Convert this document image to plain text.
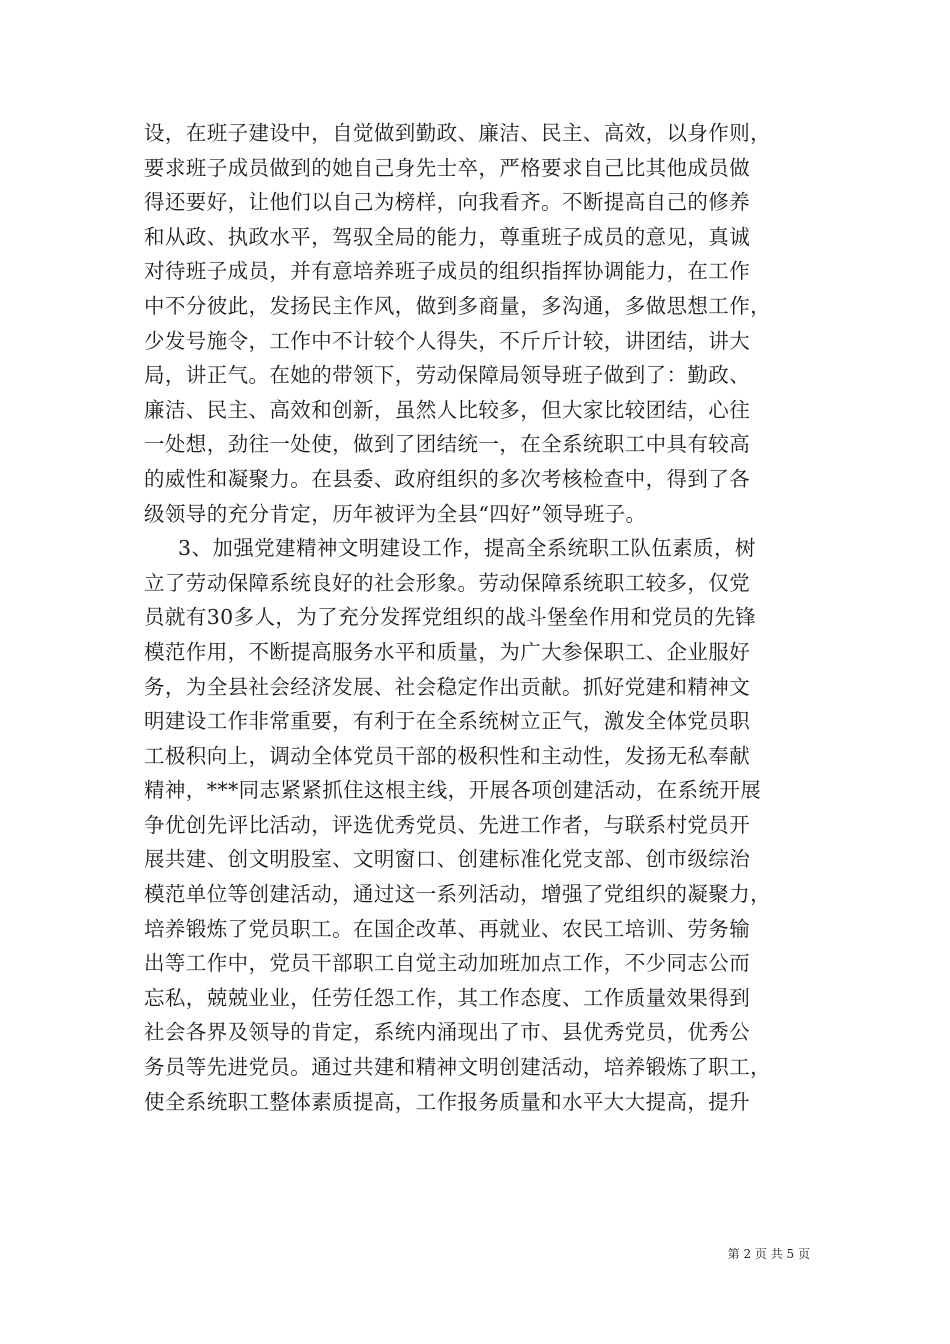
设，在班子建设中，自觉做到勤政、廉洁、民主、高效，以身作则，
要求班子成员做到的她自己身先士卒，严格要求自己比其他成员做
得还要好，让他们以自己为榜样，向我看齐。不断提高自己的修养
和从政、执政水平，驾驭全局的能力，尊重班子成员的意见，真诚
对待班子成员，并有意培养班子成员的组织指挥协调能力，在工作
中不分彼此，发扬民主作风，做到多商量，多沟通，多做思想工作，
少发号施令，工作中不计较个人得失，不斤斤计较，讲团结，讲大
局，讲正气。在她的带领下，劳动保障局领导班子做到了：勤政、
廉洁、民主、高效和创新，虽然人比较多，但大家比较团结，心往
一处想，劲往一处使，做到了团结统一，在全系统职工中具有较高
的威性和凝聚力。在县委、政府组织的多次考核检查中，得到了各
级领导的充分肯定，历年被评为全县“四好”领导班子。
3、加强党建精神文明建设工作，提高全系统职工队伍素质，树
立了劳动保障系统良好的社会形象。劳动保障系统职工较多，仅党
员就有30多人，为了充分发挥党组织的战斗堡垒作用和党员的先锋
模范作用，不断提高服务水平和质量，为广大参保职工、企业服好
务，为全县社会经济发展、社会稳定作出贡献。抓好党建和精神文
明建设工作非常重要，有利于在全系统树立正气，激发全体党员职
工极积向上，调动全体党员干部的极积性和主动性，发扬无私奉献
精神，***同志紧紧抓住这根主线，开展各项创建活动，在系统开展
争优创先评比活动，评选优秀党员、先进工作者，与联系村党员开
展共建、创文明股室、文明窗口、创建标准化党支部、创市级综治
模范单位等创建活动，通过这一系列活动，增强了党组织的凝聚力，
培养锻炼了党员职工。在国企改革、再就业、农民工培训、劳务输
出等工作中，党员干部职工自觉主动加班加点工作，不少同志公而
忘私，兢兢业业，任劳任怨工作，其工作态度、工作质量效果得到
社会各界及领导的肯定，系统内涌现出了市、县优秀党员，优秀公
务员等先进党员。通过共建和精神文明创建活动，培养锻炼了职工，
使全系统职工整体素质提高，工作报务质量和水平大大提高，提升
第 2 页 共 5 页
